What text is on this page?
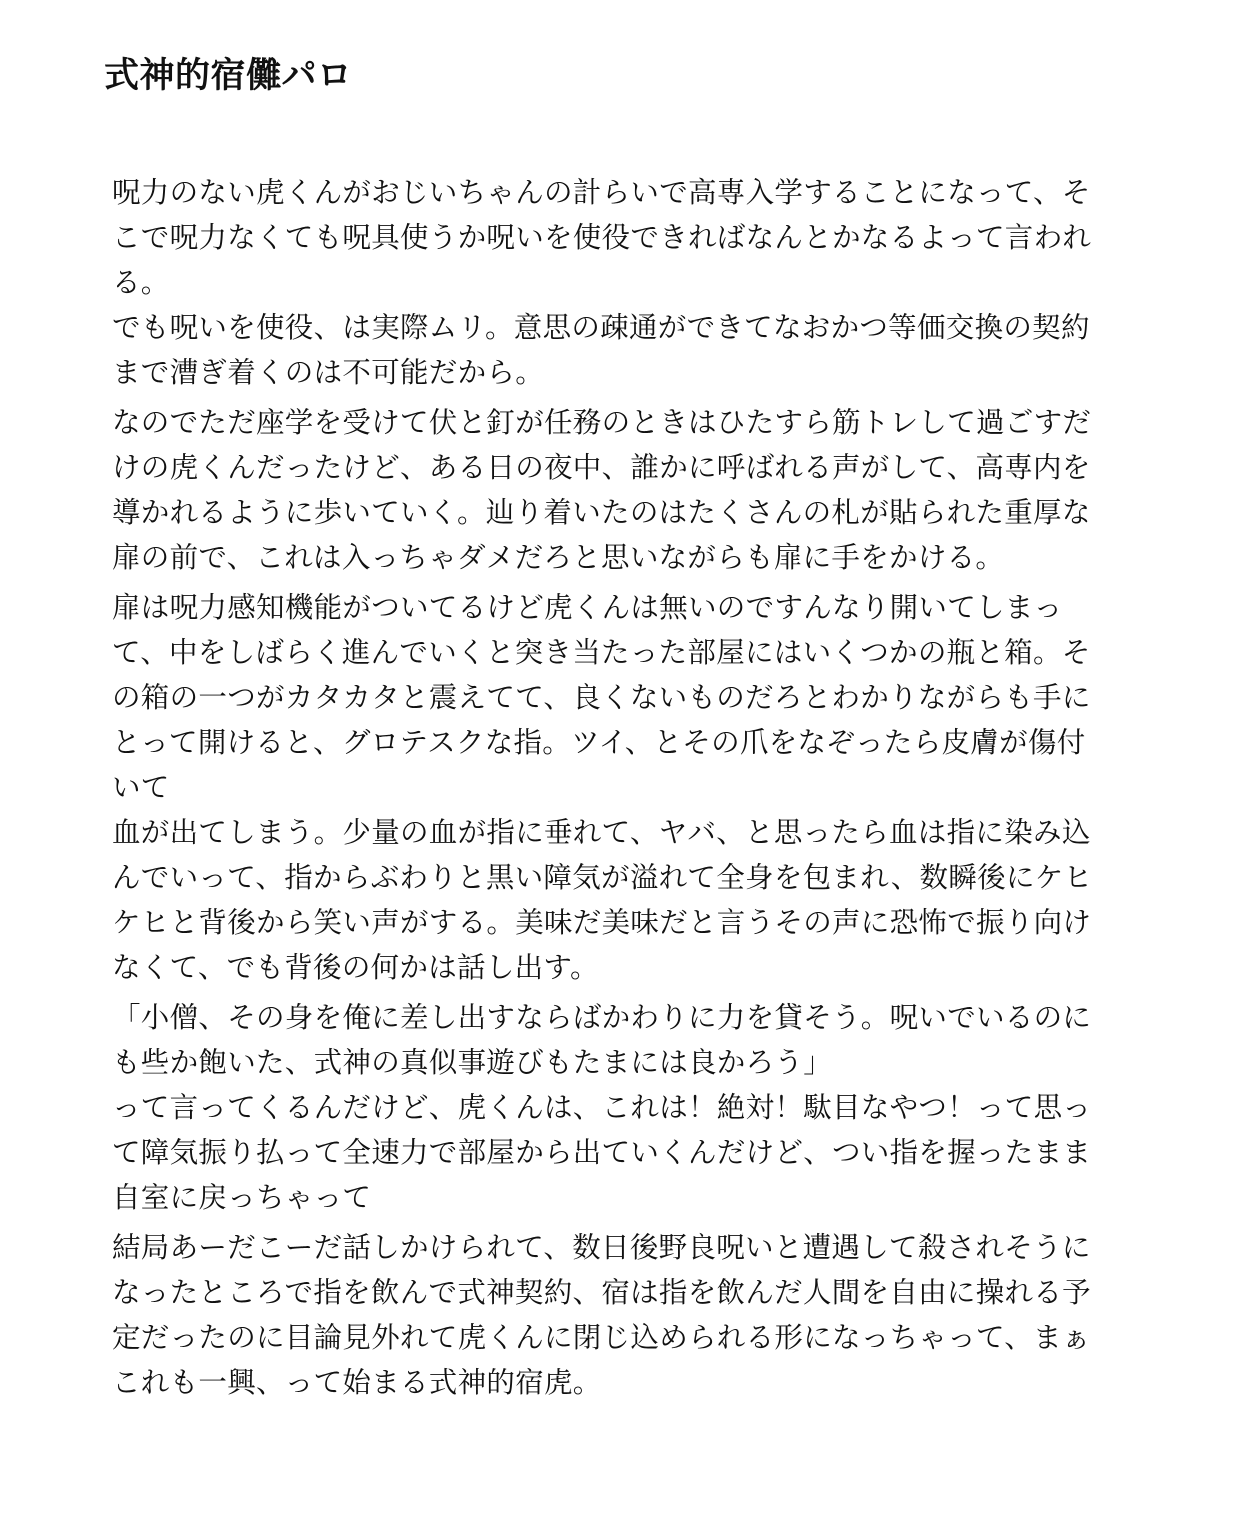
式神的宿儺パロ

呪力のない虎くんがおじいちゃんの計らいで高専入学することになって、そ
こで呪力なくても呪具使うか呪いを使役できればなんとかなるよって言われ
る。
でも呪いを使役、は実際ムリ。意思の疎通ができてなおかつ等価交換の契約
まで漕ぎ着くのは不可能だから。

なのでただ座学を受けて伏と釘が任務のときはひたすら筋トレして過ごすだ
けの虎くんだったけど、ある日の夜中、誰かに呼ばれる声がして、高専内を
導かれるように歩いていく。辿り着いたのはたくさんの札が貼られた重厚な
扉の前で、これは入っちゃダメだろと思いながらも扉に手をかける。

扉は呪力感知機能がついてるけど虎くんは無いのですんなり開いてしまっ
て、中をしばらく進んでいくと突き当たった部屋にはいくつかの瓶と箱。そ
の箱の一つがカタカタと震えてて、良くないものだろとわかりながらも手に
とって開けると、グロテスクな指。ツイ、とその爪をなぞったら皮膚が傷付
いて
血が出てしまう。少量の血が指に垂れて、ヤバ、と思ったら血は指に染み込
んでいって、指からぶわりと黒い障気が溢れて全身を包まれ、数瞬後にケヒ
ケヒと背後から笑い声がする。美味だ美味だと言うその声に恐怖で振り向け
なくて、でも背後の何かは話し出す。

「小僧、その身を俺に差し出すならばかわりに力を貸そう。呪いでいるのに
も些か飽いた、式神の真似事遊びもたまには良かろう」
って言ってくるんだけど、虎くんは、これは！絶対！駄目なやつ！って思っ
て障気振り払って全速力で部屋から出ていくんだけど、つい指を握ったまま
自室に戻っちゃって

結局あーだこーだ話しかけられて、数日後野良呪いと遭遇して殺されそうに
なったところで指を飲んで式神契約、宿は指を飲んだ人間を自由に操れる予
定だったのに目論見外れて虎くんに閉じ込められる形になっちゃって、まぁ
これも一興、って始まる式神的宿虎。
